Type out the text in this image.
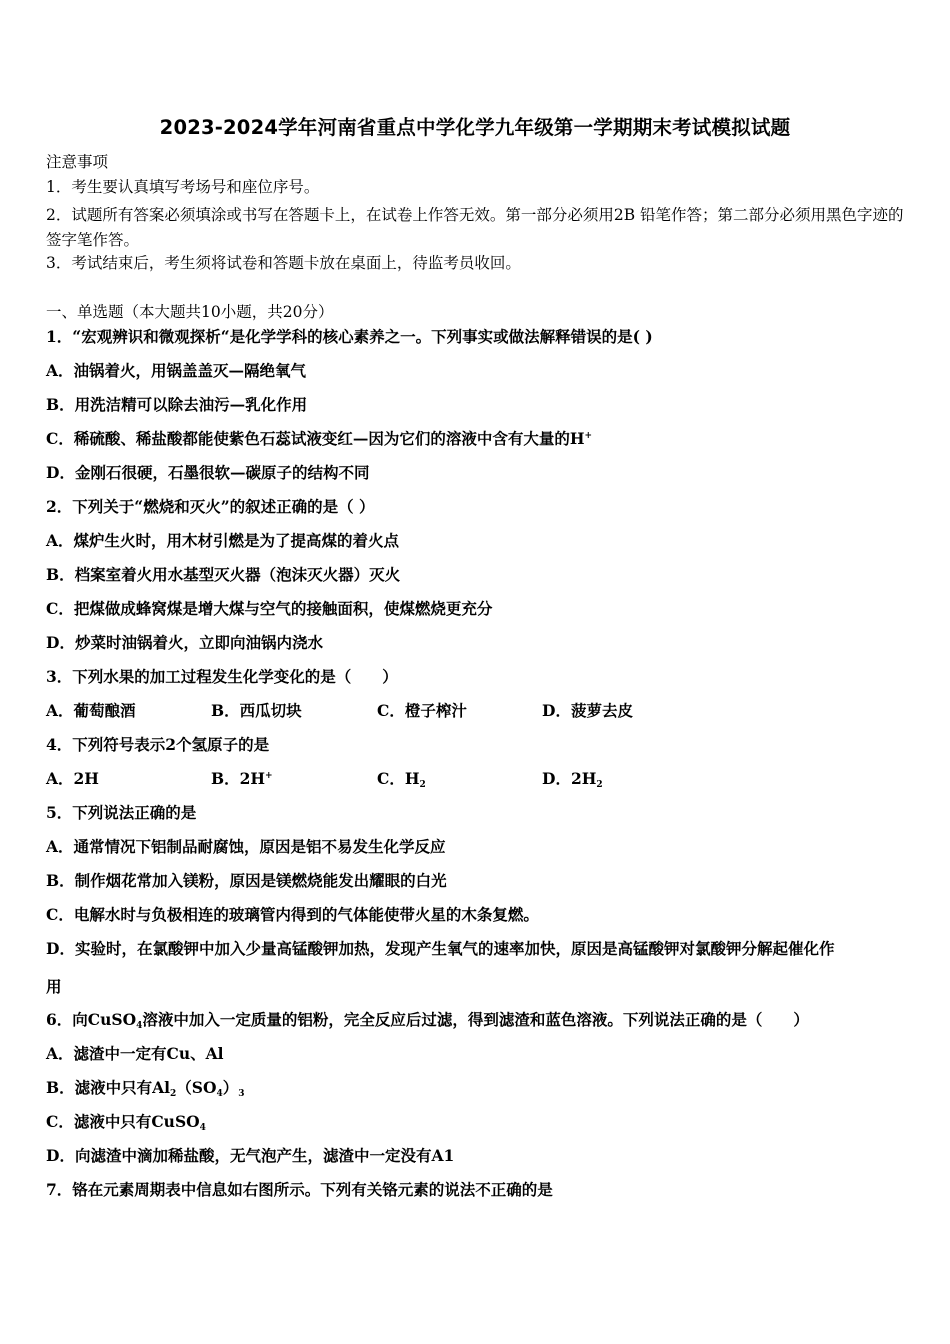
2023-2024学年河南省重点中学化学九年级第一学期期末考试模拟试题
注意事项
1．考生要认真填写考场号和座位序号。
2．试题所有答案必须填涂或书写在答题卡上，在试卷上作答无效。第一部分必须用2B 铅笔作答；第二部分必须用黑色字迹的签字笔作答。
3．考试结束后，考生须将试卷和答题卡放在桌面上，待监考员收回。
一、单选题（本大题共10小题，共20分）
1．“宏观辨识和微观探析“是化学学科的核心素养之一。下列事实或做法解释错误的是( )
A．油锅着火，用锅盖盖灭—隔绝氧气
B．用洗洁精可以除去油污—乳化作用
C．稀硫酸、稀盐酸都能使紫色石蕊试液变红—因为它们的溶液中含有大量的H+
D．金刚石很硬，石墨很软—碳原子的结构不同
2．下列关于“燃烧和灭火”的叙述正确的是（ ）
A．煤炉生火时，用木材引燃是为了提高煤的着火点
B．档案室着火用水基型灭火器（泡沫灭火器）灭火
C．把煤做成蜂窝煤是增大煤与空气的接触面积，使煤燃烧更充分
D．炒菜时油锅着火，立即向油锅内浇水
3．下列水果的加工过程发生化学变化的是（　　）
A．葡萄酿酒	B．西瓜切块	C．橙子榨汁	D．菠萝去皮
4．下列符号表示2个氢原子的是
A．2H	B．2H+	C．$H_2$	D．$2H_2$
5．下列说法正确的是
A．通常情况下铝制品耐腐蚀，原因是铝不易发生化学反应
B．制作烟花常加入镁粉，原因是镁燃烧能发出耀眼的白光
C．电解水时与负极相连的玻璃管内得到的气体能使带火星的木条复燃。
D．实验时，在氯酸钾中加入少量高锰酸钾加热，发现产生氧气的速率加快，原因是高锰酸钾对氯酸钾分解起催化作
用
6．向CuSO$_4$溶液中加入一定质量的铝粉，完全反应后过滤，得到滤渣和蓝色溶液。下列说法正确的是（　　）
A．滤渣中一定有Cu、Al
B．滤液中只有$Al_2(SO_4)_3$
C．滤液中只有CuSO$_4$
D．向滤渣中滴加稀盐酸，无气泡产生，滤渣中一定没有A1
7．铬在元素周期表中信息如右图所示。下列有关铬元素的说法不正确的是
